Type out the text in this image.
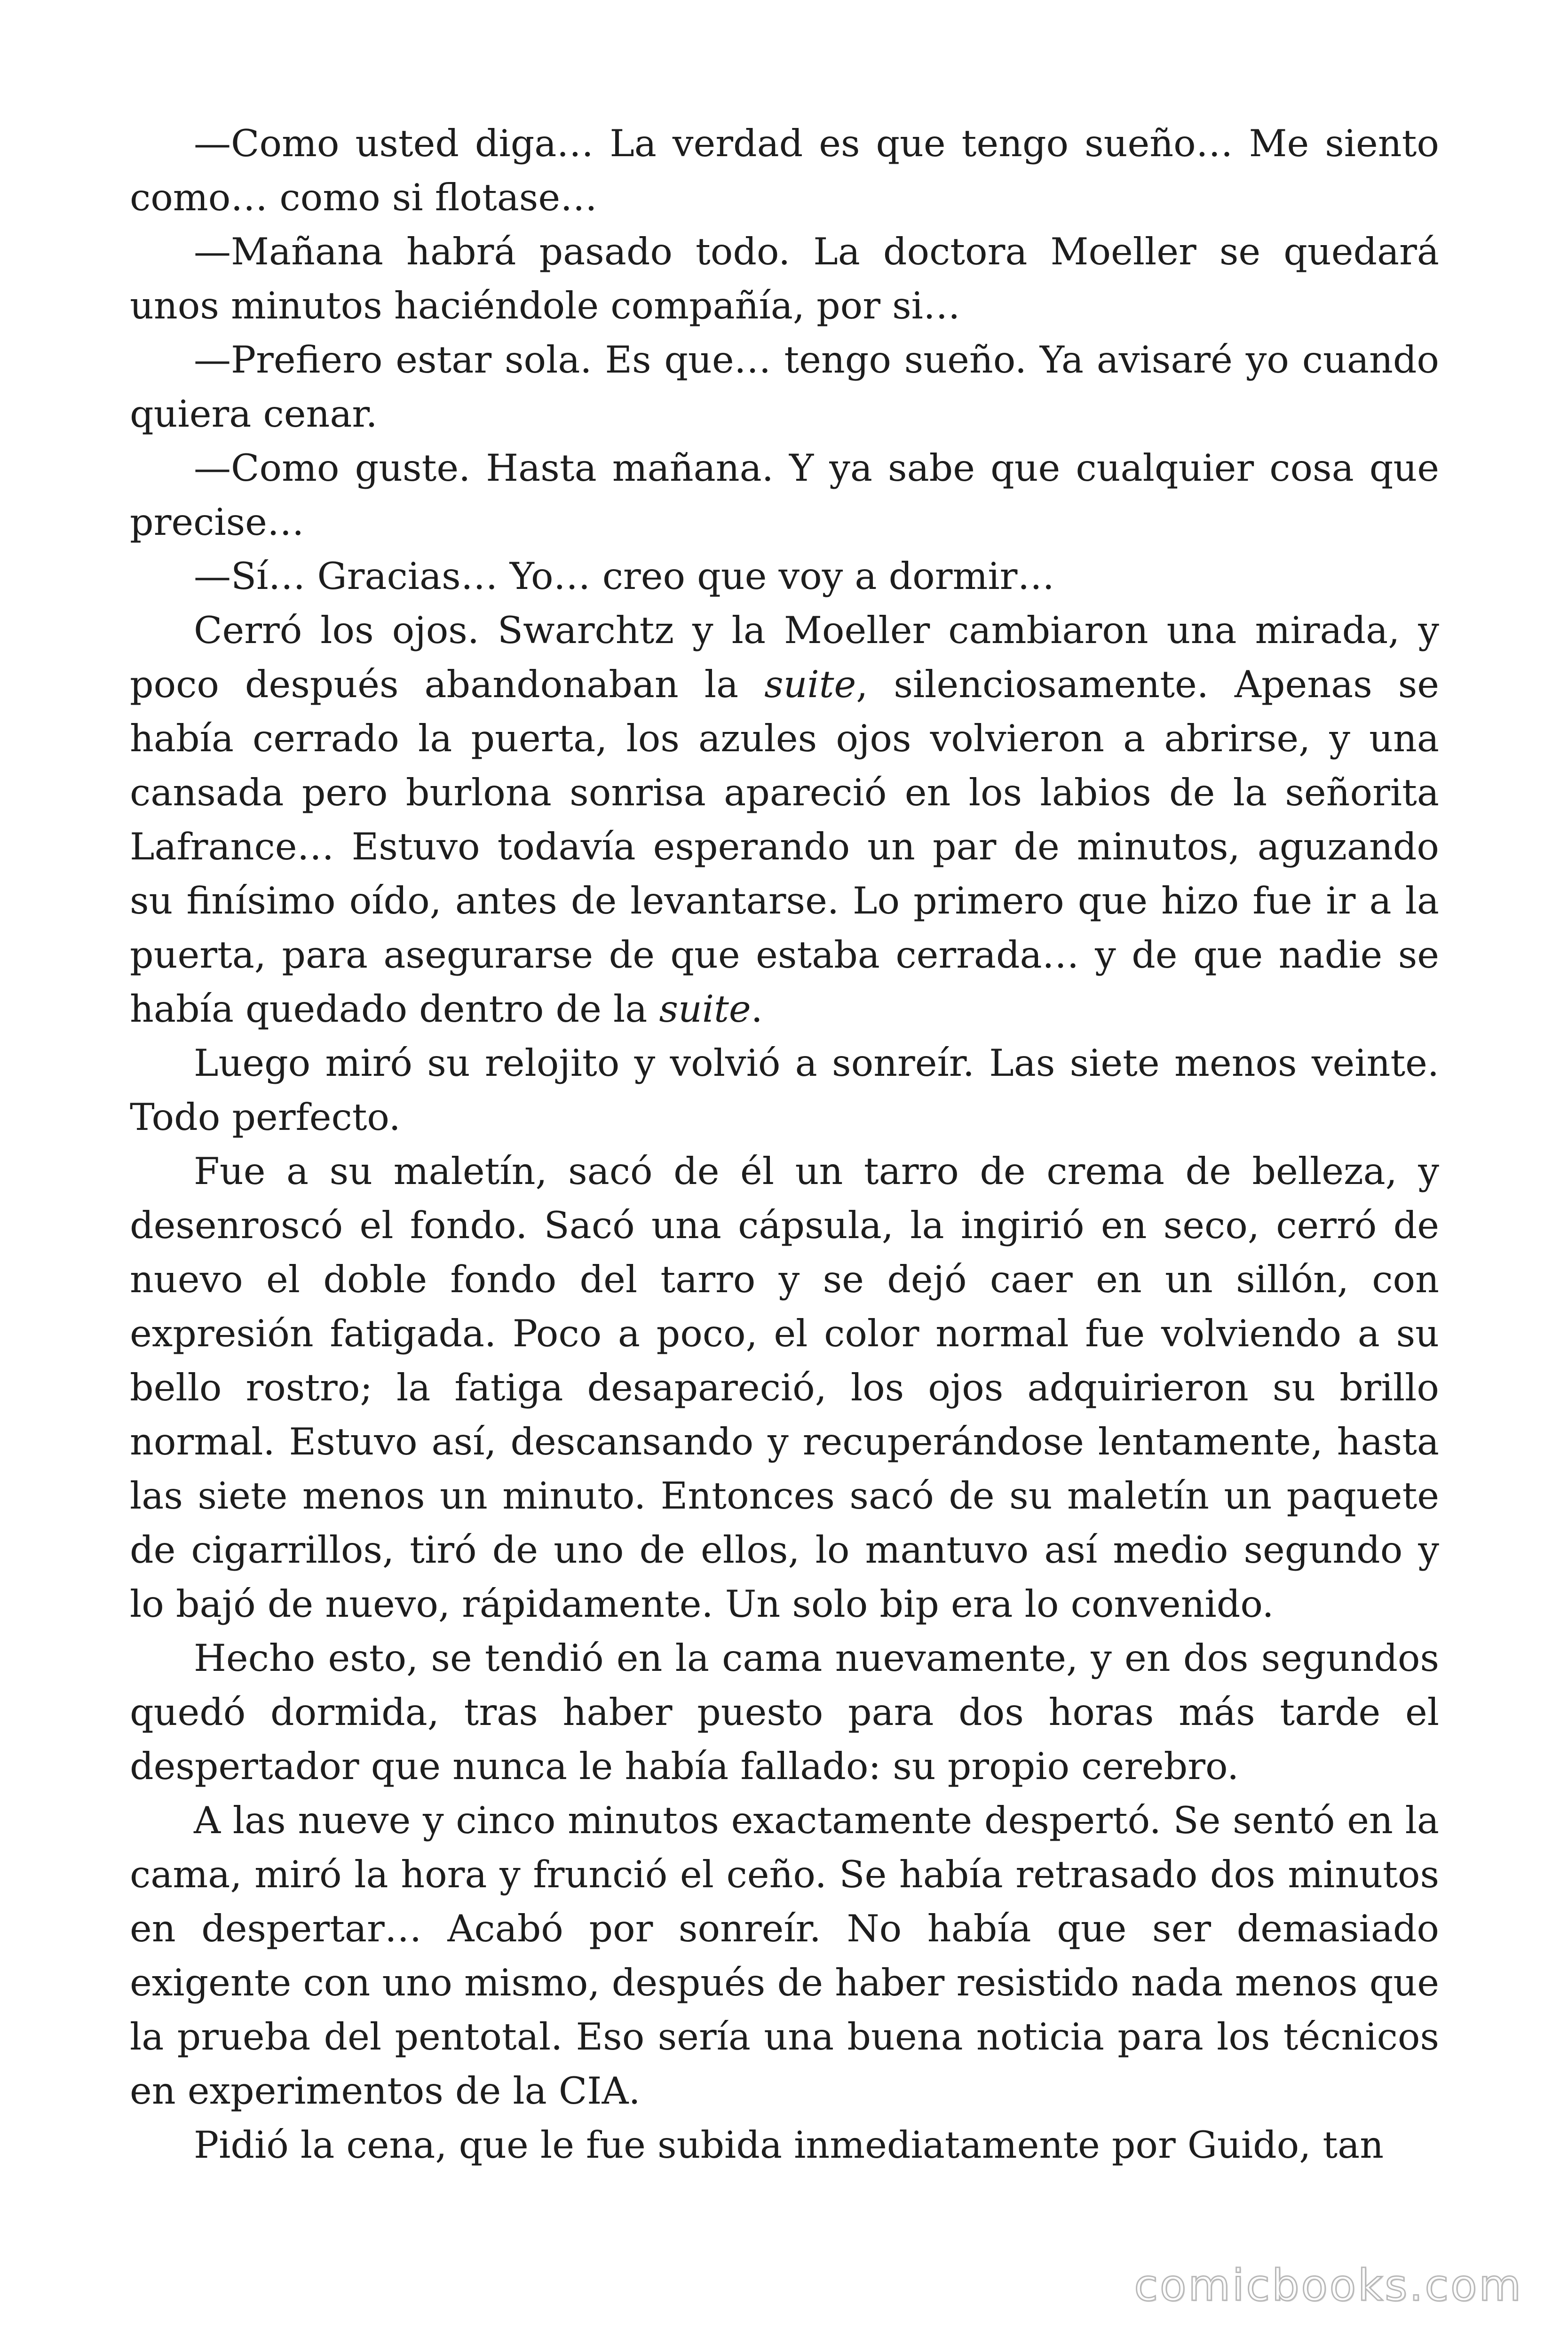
—Como usted diga… La verdad es que tengo sueño… Me siento como… como si flotase…

—Mañana habrá pasado todo. La doctora Moeller se quedará unos minutos haciéndole compañía, por si…

—Prefiero estar sola. Es que… tengo sueño. Ya avisaré yo cuando quiera cenar.

—Como guste. Hasta mañana. Y ya sabe que cualquier cosa que precise…

—Sí… Gracias… Yo… creo que voy a dormir…

Cerró los ojos. Swarchtz y la Moeller cambiaron una mirada, y poco después abandonaban la suite, silenciosamente. Apenas se había cerrado la puerta, los azules ojos volvieron a abrirse, y una cansada pero burlona sonrisa apareció en los labios de la señorita Lafrance… Estuvo todavía esperando un par de minutos, aguzando su finísimo oído, antes de levantarse. Lo primero que hizo fue ir a la puerta, para asegurarse de que estaba cerrada… y de que nadie se había quedado dentro de la suite.

Luego miró su relojito y volvió a sonreír. Las siete menos veinte. Todo perfecto.

Fue a su maletín, sacó de él un tarro de crema de belleza, y desenroscó el fondo. Sacó una cápsula, la ingirió en seco, cerró de nuevo el doble fondo del tarro y se dejó caer en un sillón, con expresión fatigada. Poco a poco, el color normal fue volviendo a su bello rostro; la fatiga desapareció, los ojos adquirieron su brillo normal. Estuvo así, descansando y recuperándose lentamente, hasta las siete menos un minuto. Entonces sacó de su maletín un paquete de cigarrillos, tiró de uno de ellos, lo mantuvo así medio segundo y lo bajó de nuevo, rápidamente. Un solo bip era lo convenido.

Hecho esto, se tendió en la cama nuevamente, y en dos segundos quedó dormida, tras haber puesto para dos horas más tarde el despertador que nunca le había fallado: su propio cerebro.

A las nueve y cinco minutos exactamente despertó. Se sentó en la cama, miró la hora y frunció el ceño. Se había retrasado dos minutos en despertar… Acabó por sonreír. No había que ser demasiado exigente con uno mismo, después de haber resistido nada menos que la prueba del pentotal. Eso sería una buena noticia para los técnicos en experimentos de la CIA.

Pidió la cena, que le fue subida inmediatamente por Guido, tan

comicbooks.com
